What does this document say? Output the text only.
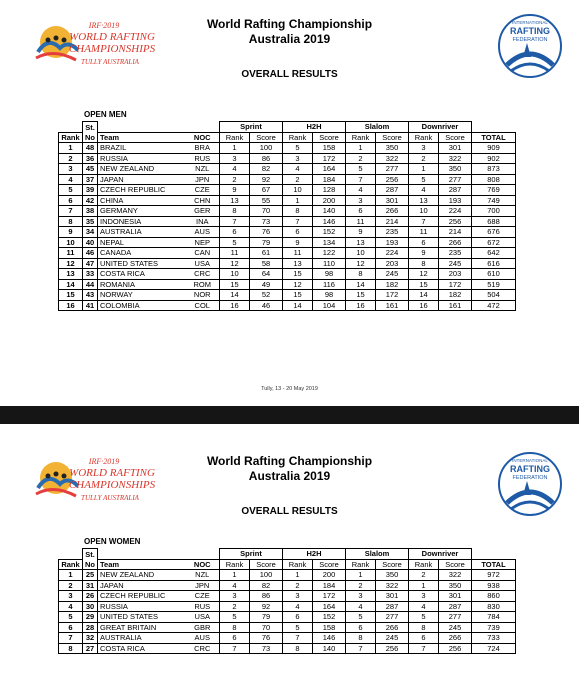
IRF·2019
WORLD RAFTING
CHAMPIONSHIPS
TULLY AUSTRALIA
World Rafting Championship
Australia 2019
OVERALL RESULTS
INTERNATIONAL
RAFTING
FEDERATION
OPEN MEN
	St.			Sprint		H2H		Slalom		Downriver		
Rank	No	Team	NOC	Rank	Score	Rank	Score	Rank	Score	Rank	Score	TOTAL
1	48	BRAZIL	BRA	1	100	5	158	1	350	3	301	909
2	36	RUSSIA	RUS	3	86	3	172	2	322	2	322	902
3	45	NEW ZEALAND	NZL	4	82	4	164	5	277	1	350	873
4	37	JAPAN	JPN	2	92	2	184	7	256	5	277	808
5	39	CZECH REPUBLIC	CZE	9	67	10	128	4	287	4	287	769
6	42	CHINA	CHN	13	55	1	200	3	301	13	193	749
7	38	GERMANY	GER	8	70	8	140	6	266	10	224	700
8	35	INDONESIA	INA	7	73	7	146	11	214	7	256	688
9	34	AUSTRALIA	AUS	6	76	6	152	9	235	11	214	676
10	40	NEPAL	NEP	5	79	9	134	13	193	6	266	672
11	46	CANADA	CAN	11	61	11	122	10	224	9	235	642
12	47	UNITED STATES	USA	12	58	13	110	12	203	8	245	616
13	33	COSTA RICA	CRC	10	64	15	98	8	245	12	203	610
14	44	ROMANIA	ROM	15	49	12	116	14	182	15	172	519
15	43	NORWAY	NOR	14	52	15	98	15	172	14	182	504
16	41	COLOMBIA	COL	16	46	14	104	16	161	16	161	472
Tully, 13 - 20 May 2019
IRF·2019
WORLD RAFTING
CHAMPIONSHIPS
TULLY AUSTRALIA
World Rafting Championship
Australia 2019
OVERALL RESULTS
INTERNATIONAL
RAFTING
FEDERATION
OPEN WOMEN
	St.			Sprint		H2H		Slalom		Downriver		
Rank	No	Team	NOC	Rank	Score	Rank	Score	Rank	Score	Rank	Score	TOTAL
1	25	NEW ZEALAND	NZL	1	100	1	200	1	350	2	322	972
2	31	JAPAN	JPN	4	82	2	184	2	322	1	350	938
3	26	CZECH REPUBLIC	CZE	3	86	3	172	3	301	3	301	860
4	30	RUSSIA	RUS	2	92	4	164	4	287	4	287	830
5	29	UNITED STATES	USA	5	79	6	152	5	277	5	277	784
6	28	GREAT BRITAIN	GBR	8	70	5	158	6	266	8	245	739
7	32	AUSTRALIA	AUS	6	76	7	146	8	245	6	266	733
8	27	COSTA RICA	CRC	7	73	8	140	7	256	7	256	724
